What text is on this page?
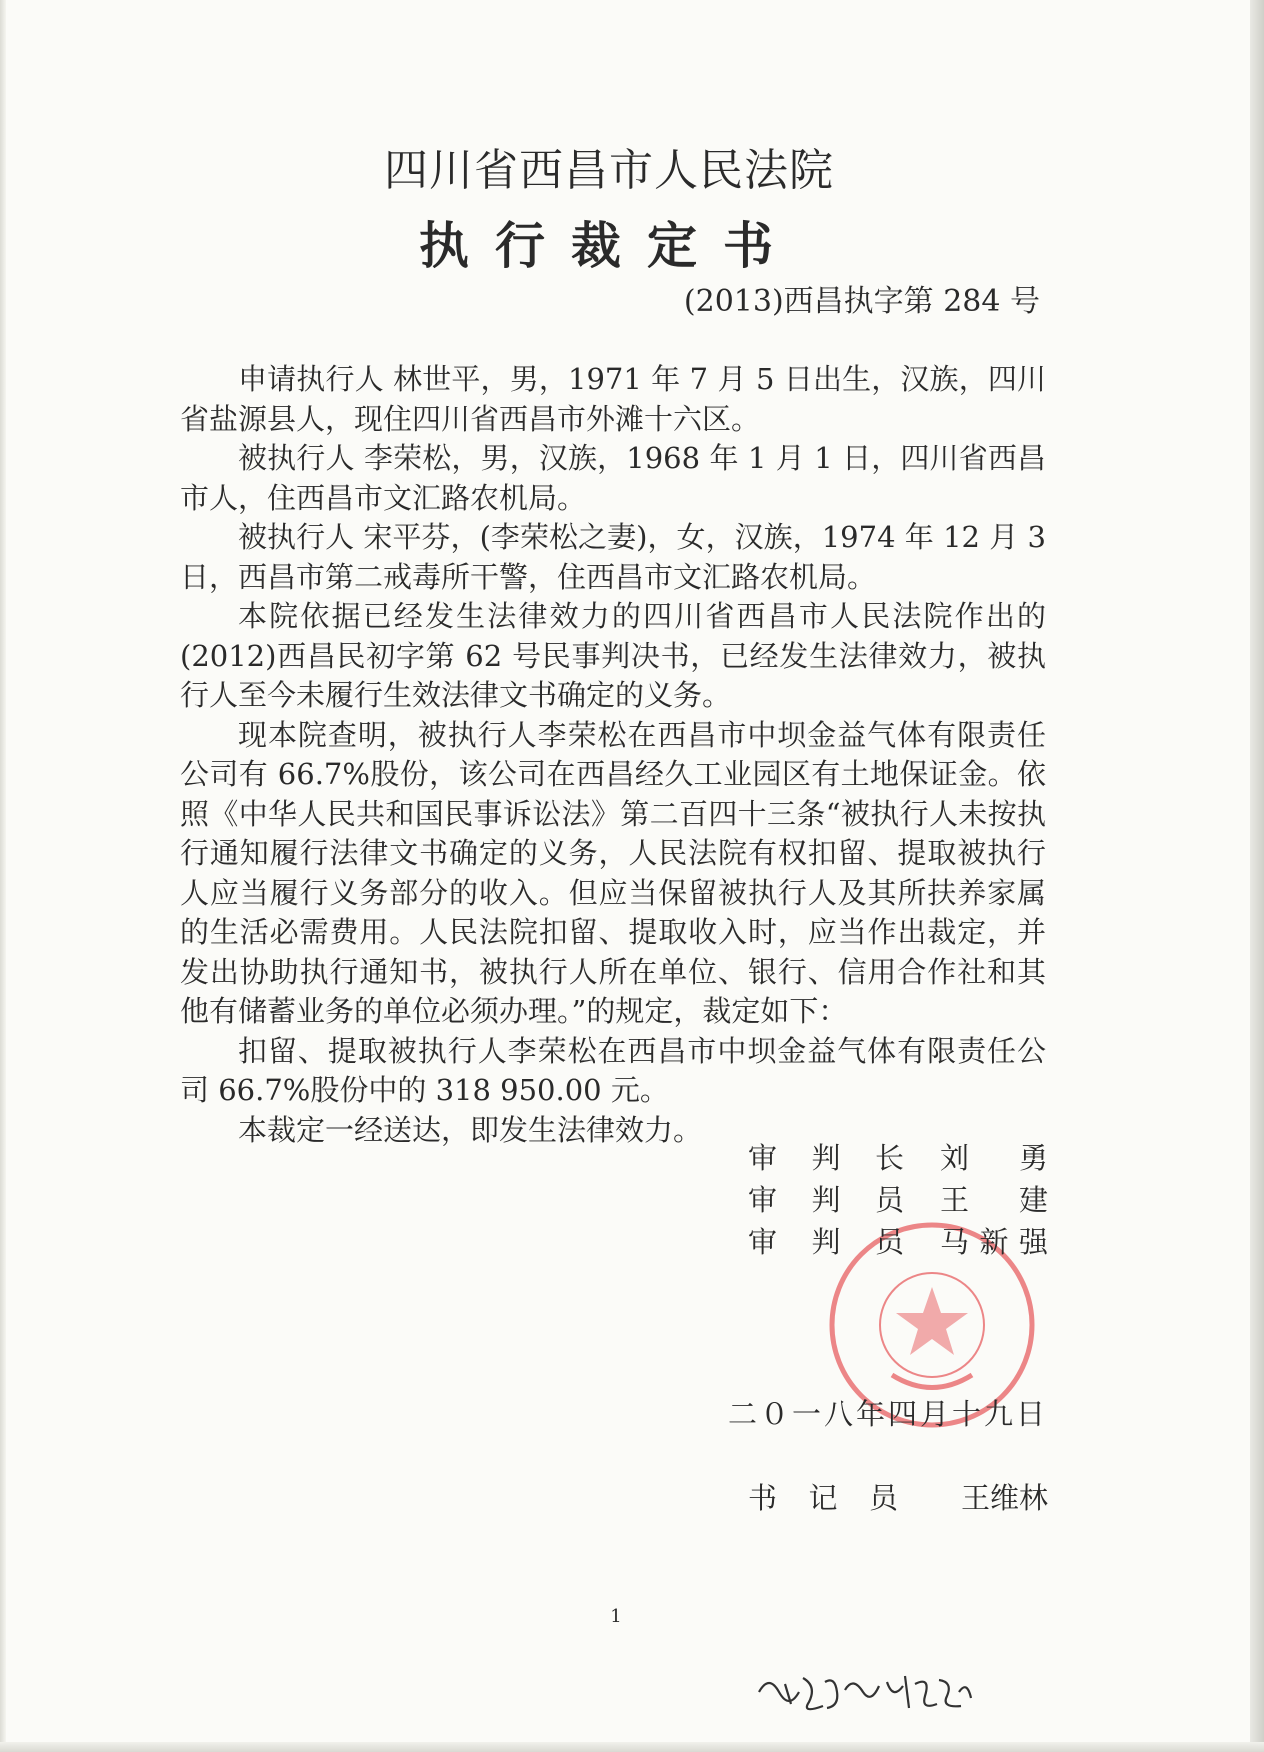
四川省西昌市人民法院
执行裁定书
(2013)西昌执字第 284 号

申请执行人 林世平，男，1971 年 7 月 5 日出生，汉族，四川省盐源县人，现住四川省西昌市外滩十六区。

被执行人 李荣松，男，汉族，1968 年 1 月 1 日，四川省西昌市人，住西昌市文汇路农机局。

被执行人 宋平芬，(李荣松之妻)，女，汉族，1974 年 12 月 3 日，西昌市第二戒毒所干警，住西昌市文汇路农机局。

本院依据已经发生法律效力的四川省西昌市人民法院作出的(2012)西昌民初字第 62 号民事判决书，已经发生法律效力，被执行人至今未履行生效法律文书确定的义务。

现本院查明，被执行人李荣松在西昌市中坝金益气体有限责任公司有 66.7%股份，该公司在西昌经久工业园区有土地保证金。依照《中华人民共和国民事诉讼法》第二百四十三条“被执行人未按执行通知履行法律文书确定的义务，人民法院有权扣留、提取被执行人应当履行义务部分的收入。但应当保留被执行人及其所扶养家属的生活必需费用。人民法院扣留、提取收入时，应当作出裁定，并发出协助执行通知书，被执行人所在单位、银行、信用合作社和其他有储蓄业务的单位必须办理。”的规定，裁定如下：

扣留、提取被执行人李荣松在西昌市中坝金益气体有限责任公司 66.7%股份中的 318 950.00 元。

本裁定一经送达，即发生法律效力。

审 判 长 刘 勇
审 判 员 王 建
审 判 员 马 新 强
二０一八年四月十九日
书 记 员	王维林
1
